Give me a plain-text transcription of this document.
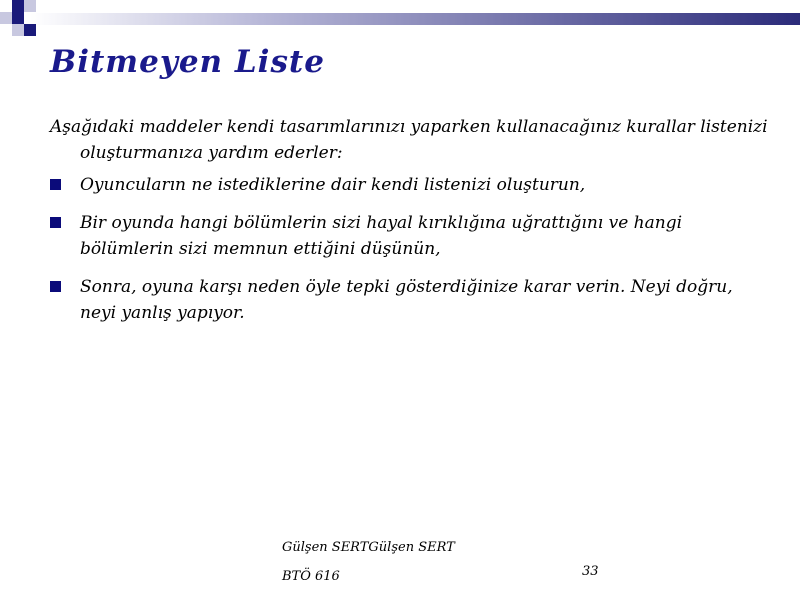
Bitmeyen Liste

Aşağıdaki maddeler kendi tasarımlarınızı yaparken kullanacağınız kurallar listenizi oluşturmanıza yardım ederler:

Oyuncuların ne istediklerine dair kendi listenizi oluşturun,
Bir oyunda hangi bölümlerin sizi hayal kırıklığına uğrattığını ve hangi bölümlerin sizi memnun ettiğini düşünün,
Sonra, oyuna karşı neden öyle tepki gösterdiğinize karar verin. Neyi doğru, neyi yanlış yapıyor.
Gülşen SERTGülşen SERT
BTÖ 616	33
